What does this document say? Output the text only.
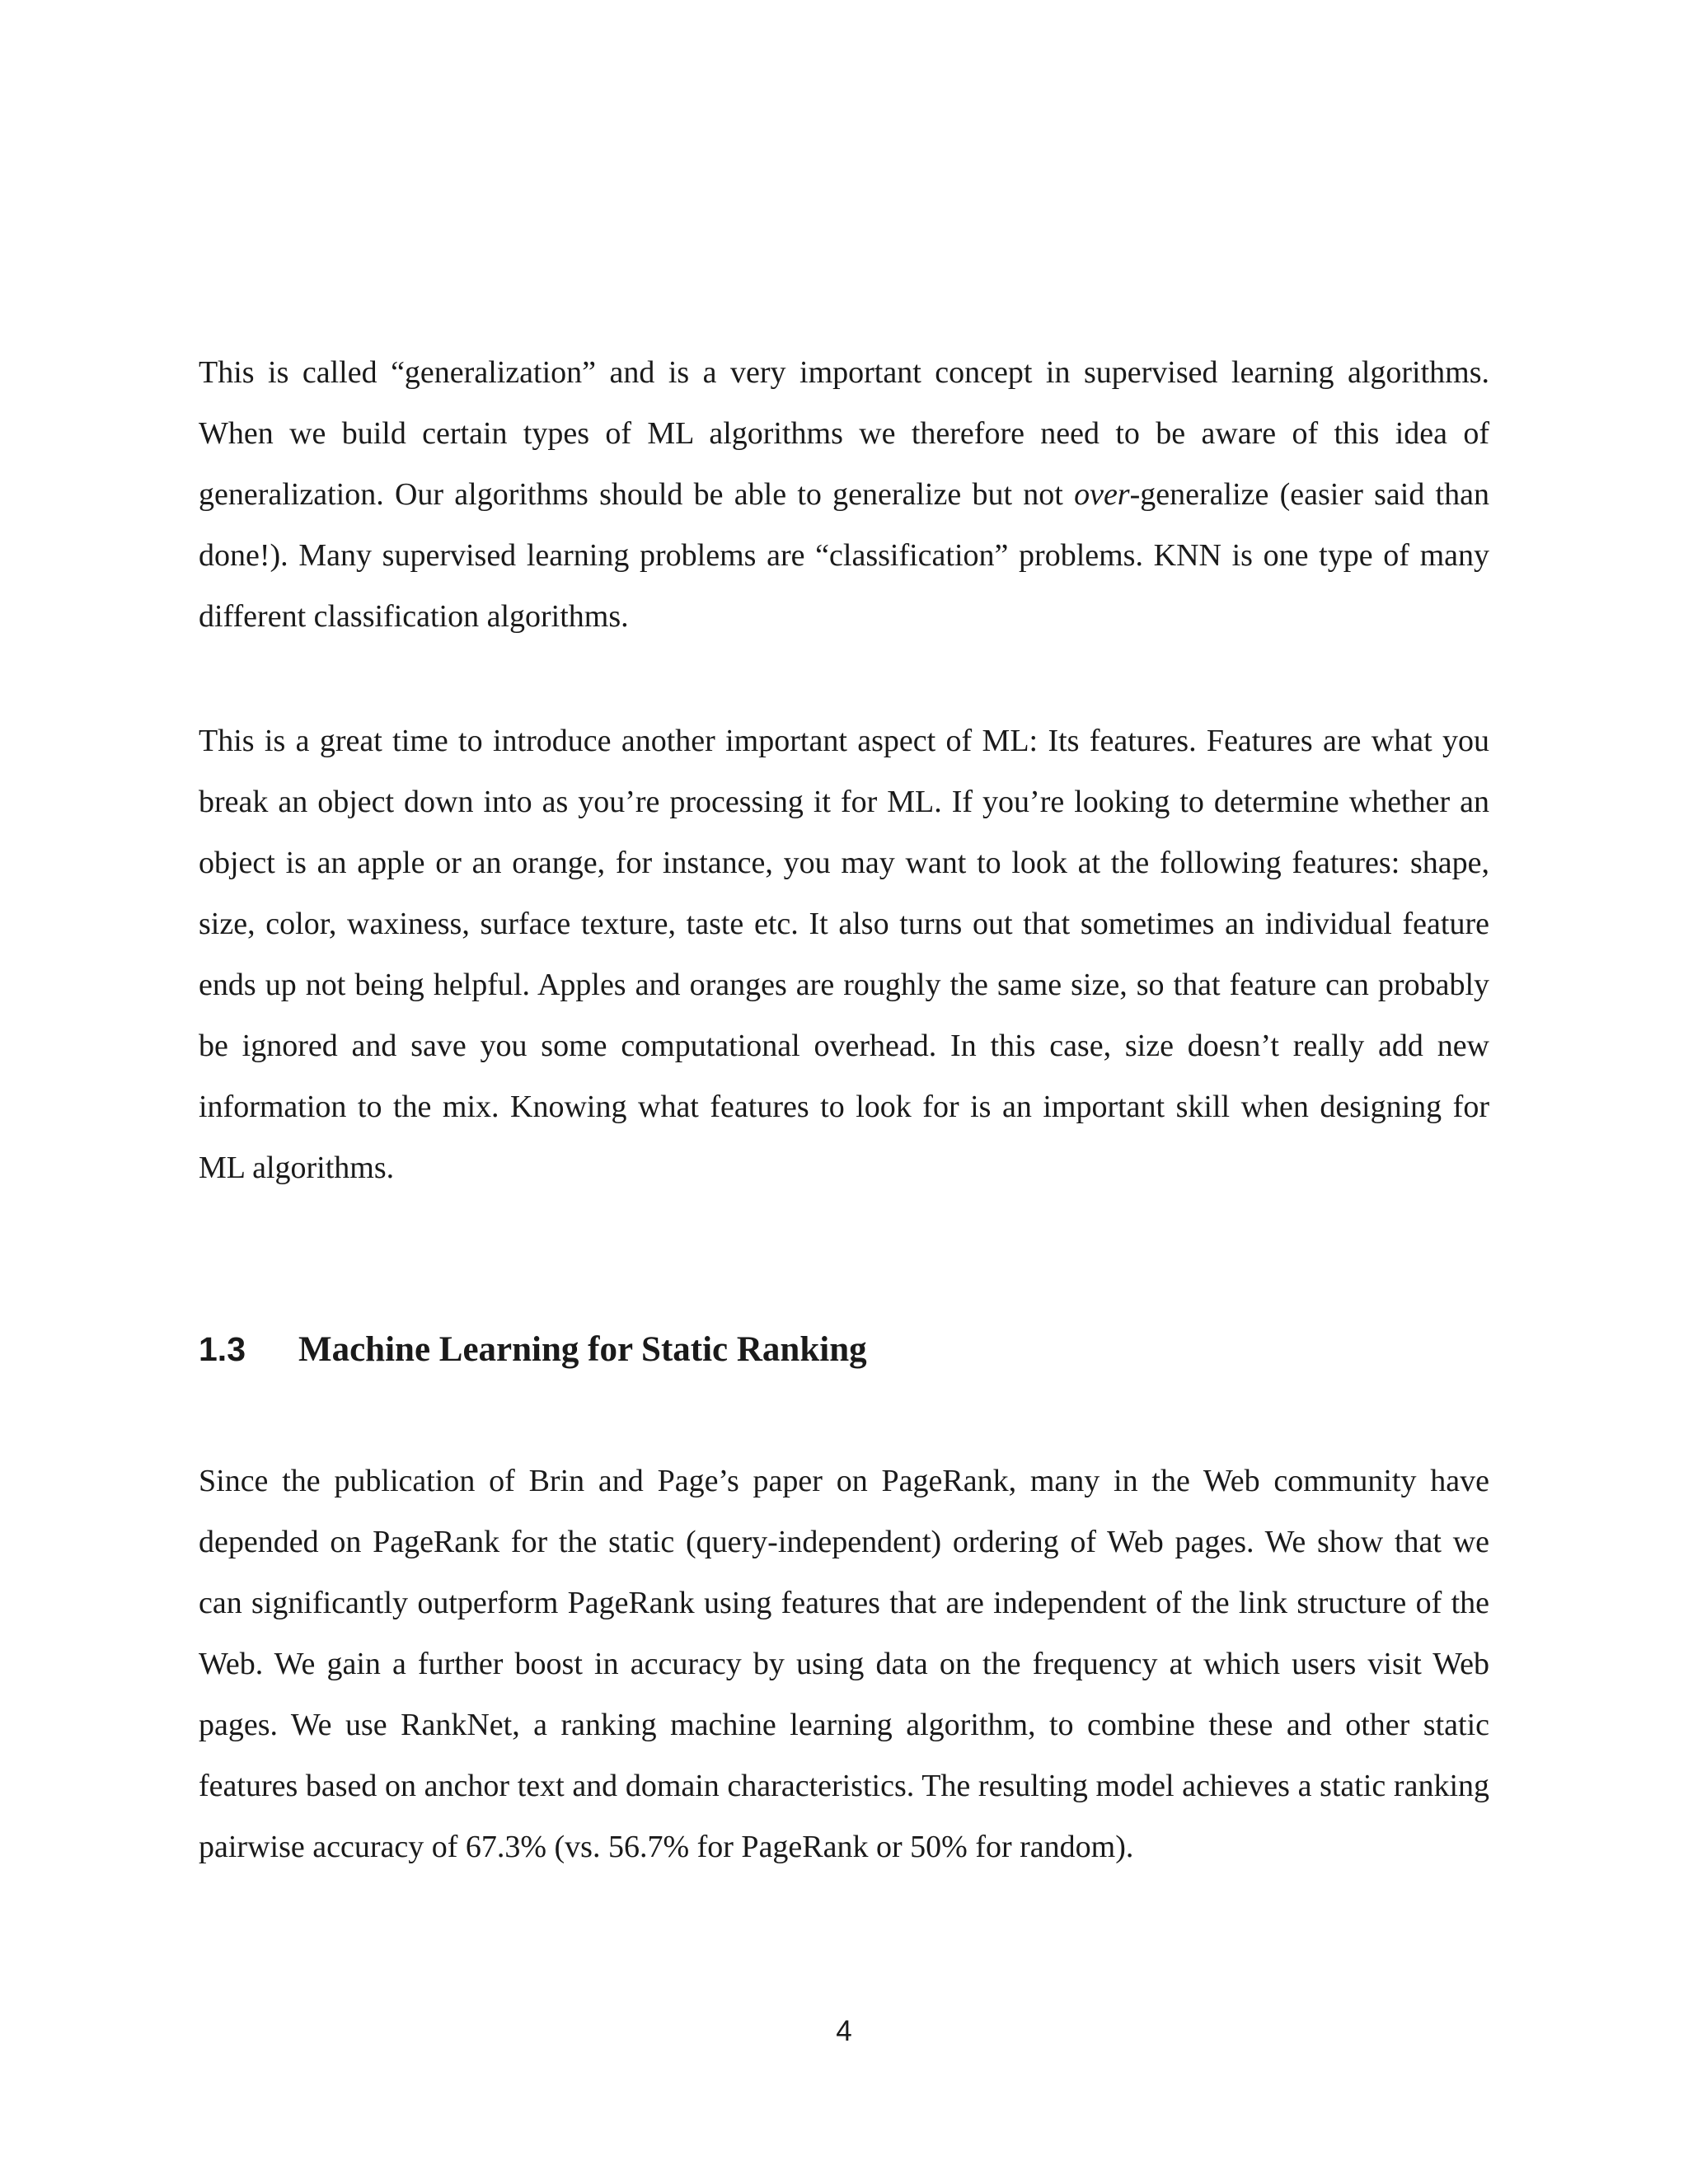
This is called “generalization” and is a very important concept in supervised learning algorithms. When we build certain types of ML algorithms we therefore need to be aware of this idea of generalization. Our algorithms should be able to generalize but not over-generalize (easier said than done!). Many supervised learning problems are “classification” problems. KNN is one type of many different classification algorithms.

This is a great time to introduce another important aspect of ML: Its features. Features are what you break an object down into as you’re processing it for ML. If you’re looking to determine whether an object is an apple or an orange, for instance, you may want to look at the following features: shape, size, color, waxiness, surface texture, taste etc. It also turns out that sometimes an individual feature ends up not being helpful. Apples and oranges are roughly the same size, so that feature can probably be ignored and save you some computational overhead. In this case, size doesn’t really add new information to the mix. Knowing what features to look for is an important skill when designing for ML algorithms.

1.3	Machine Learning for Static Ranking

Since the publication of Brin and Page’s paper on PageRank, many in the Web community have depended on PageRank for the static (query-independent) ordering of Web pages. We show that we can significantly outperform PageRank using features that are independent of the link structure of the Web. We gain a further boost in accuracy by using data on the frequency at which users visit Web pages. We use RankNet, a ranking machine learning algorithm, to combine these and other static features based on anchor text and domain characteristics. The resulting model achieves a static ranking pairwise accuracy of 67.3% (vs. 56.7% for PageRank or 50% for random).

4
